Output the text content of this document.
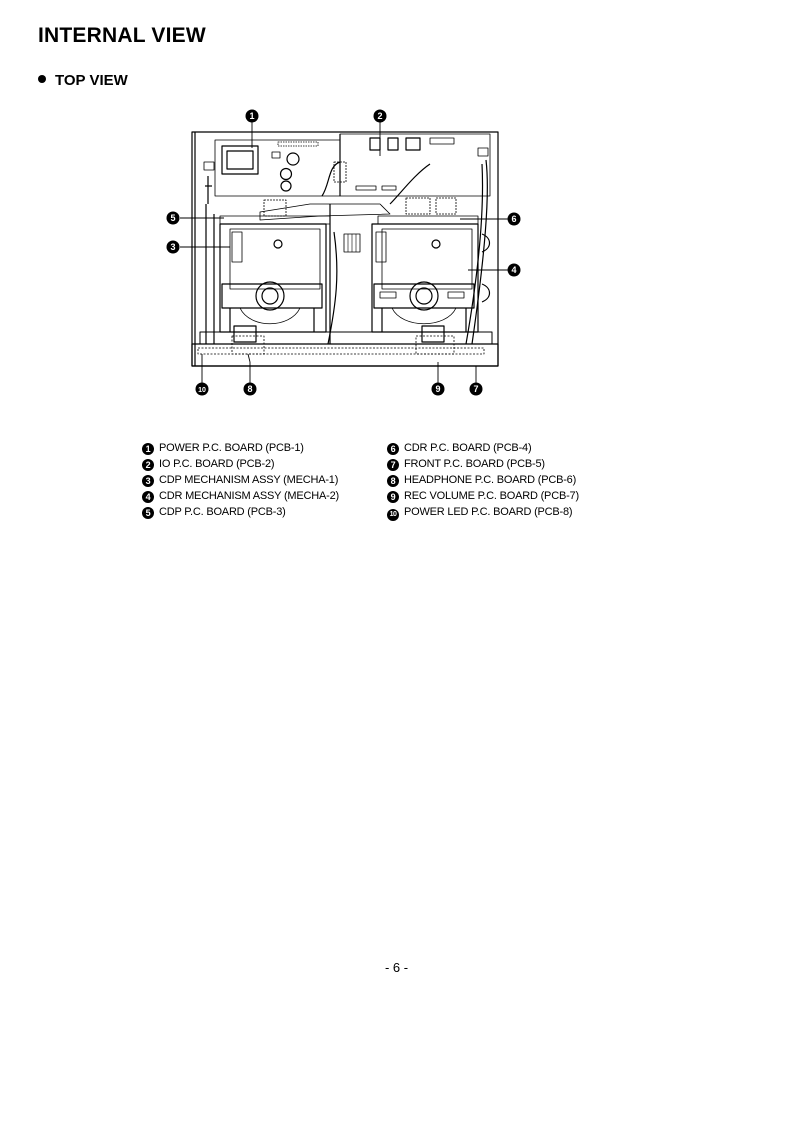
INTERNAL VIEW
TOP VIEW
1	2
5
3
6
4
10	8	9	7
1 POWER P.C. BOARD (PCB-1)
2 IO P.C. BOARD (PCB-2)
3 CDP MECHANISM ASSY (MECHA-1)
4 CDR MECHANISM ASSY (MECHA-2)
5 CDP P.C. BOARD (PCB-3)
6 CDR P.C. BOARD (PCB-4)
7 FRONT P.C. BOARD (PCB-5)
8 HEADPHONE P.C. BOARD (PCB-6)
9 REC VOLUME P.C. BOARD (PCB-7)
10 POWER LED P.C. BOARD (PCB-8)
- 6 -
